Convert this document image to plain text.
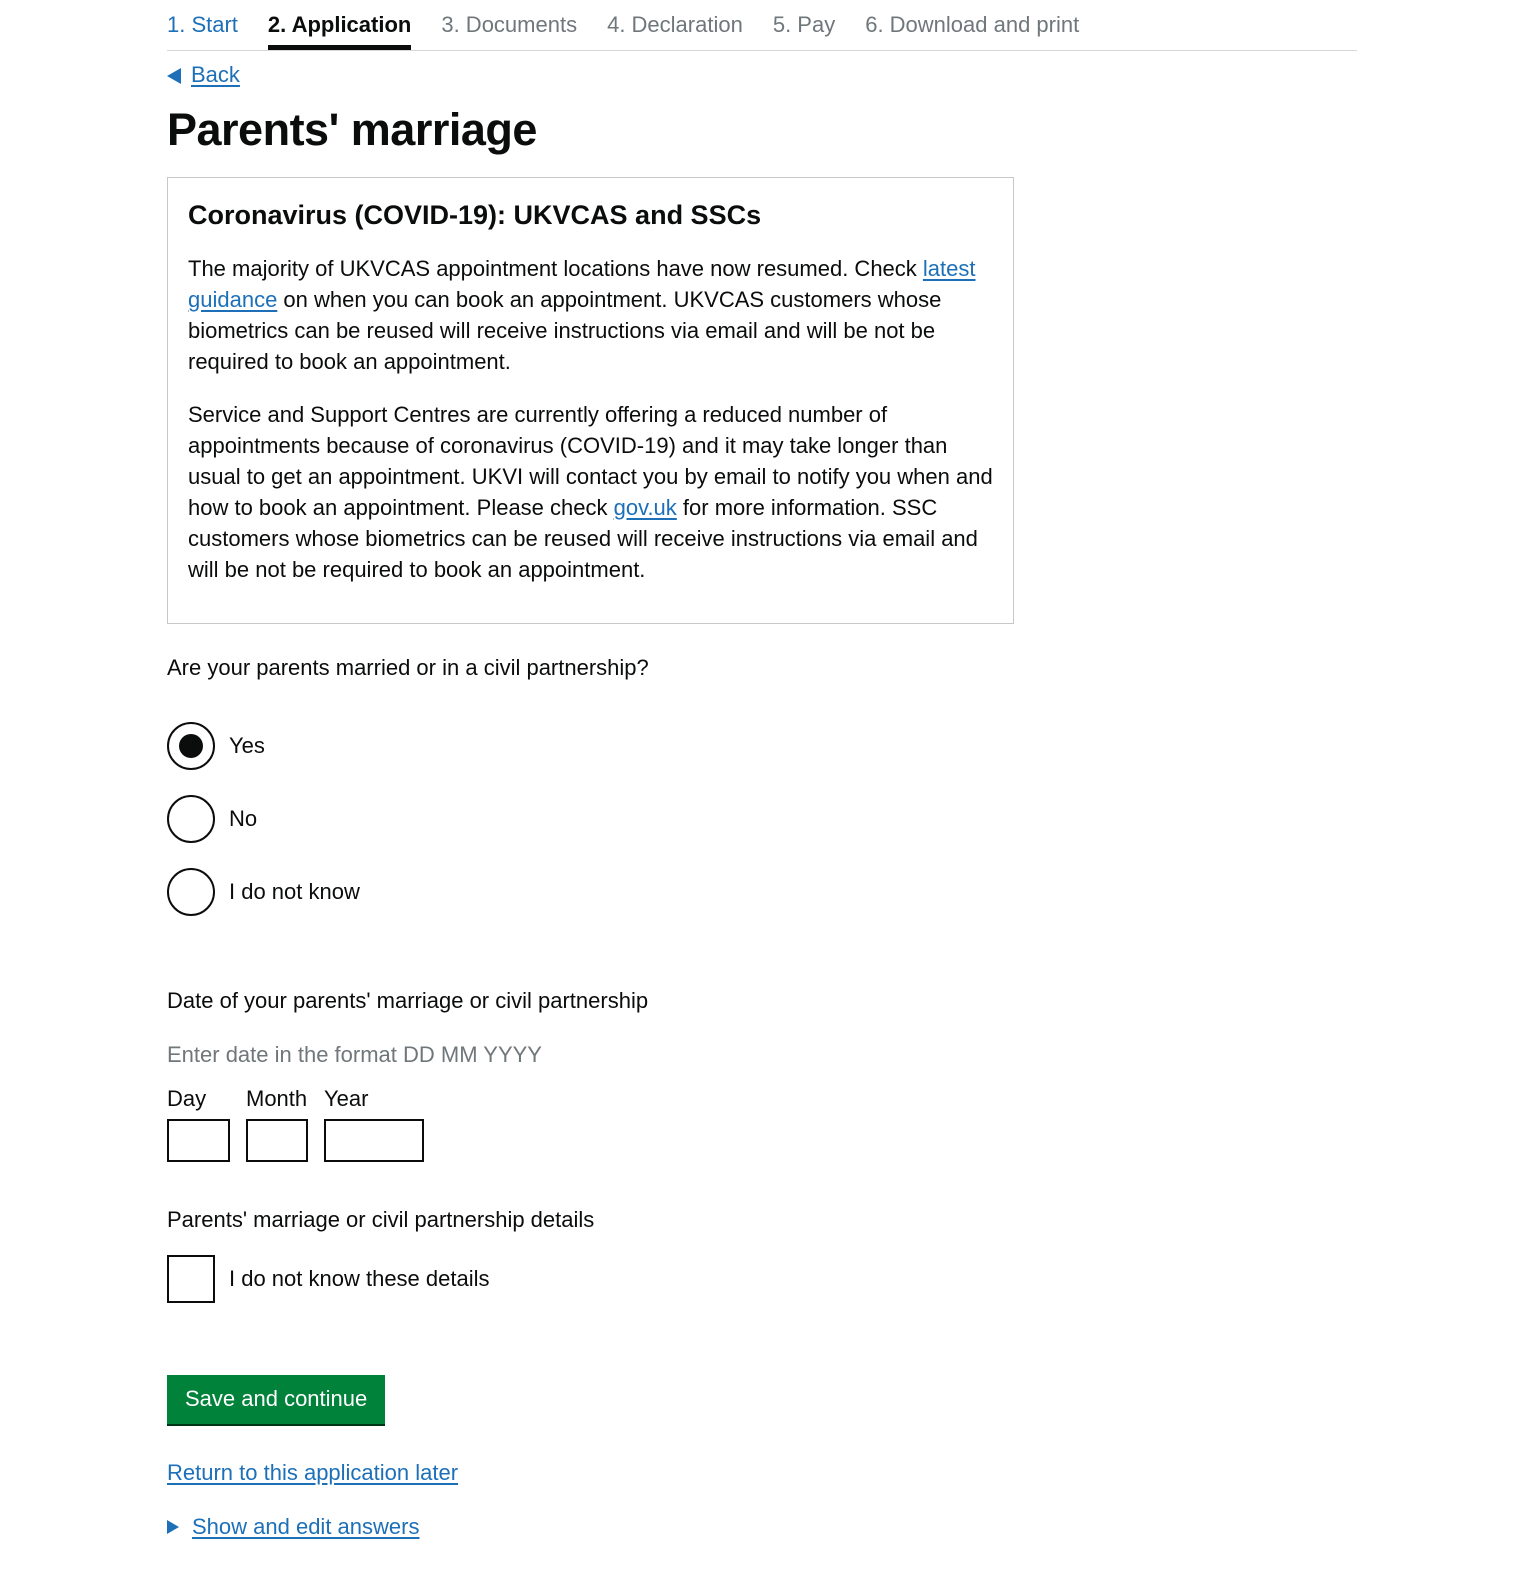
1. Start 2. Application 3. Documents 4. Declaration 5. Pay 6. Download and print
Back
Parents' marriage
Coronavirus (COVID-19): UKVCAS and SSCs

The majority of UKVCAS appointment locations have now resumed. Check latest guidance on when you can book an appointment. UKVCAS customers whose biometrics can be reused will receive instructions via email and will be not be required to book an appointment.

Service and Support Centres are currently offering a reduced number of appointments because of coronavirus (COVID-19) and it may take longer than usual to get an appointment. UKVI will contact you by email to notify you when and how to book an appointment. Please check gov.uk for more information. SSC customers whose biometrics can be reused will receive instructions via email and will be not be required to book an appointment.

Are your parents married or in a civil partnership?
Yes
No
I do not know
Date of your parents' marriage or civil partnership
Enter date in the format DD MM YYYY
Day	Month Year
Parents' marriage or civil partnership details
I do not know these details
Save and continue
Return to this application later
Show and edit answers
